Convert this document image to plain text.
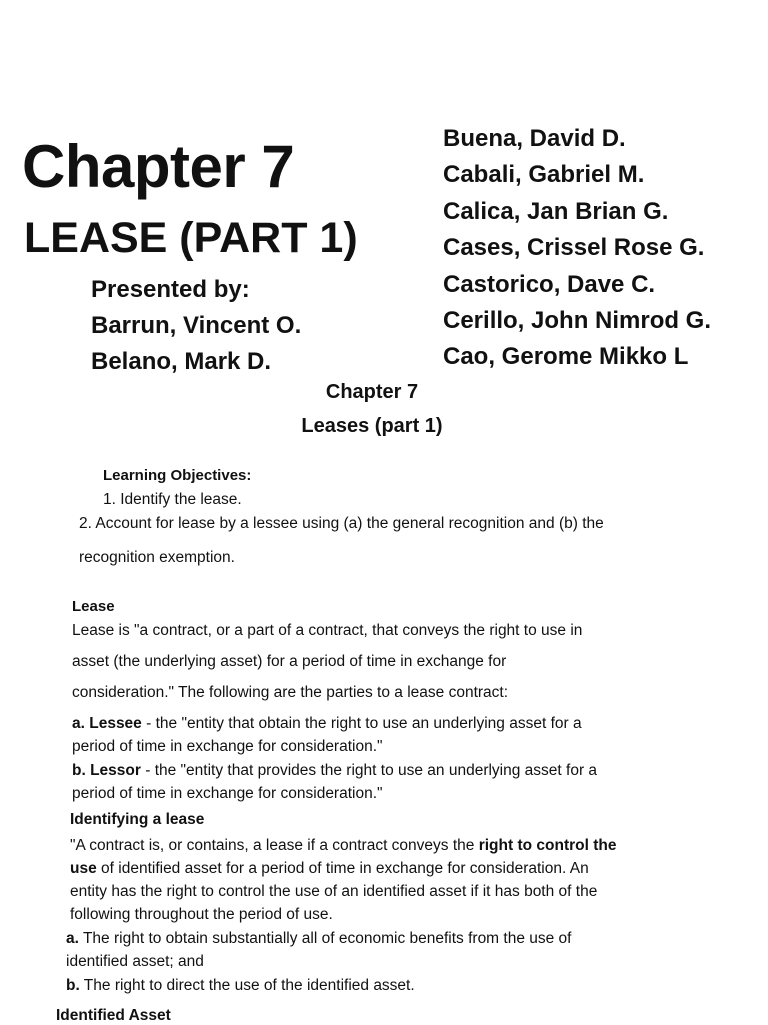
Chapter 7
LEASE (PART 1)
Presented by:
Barrun, Vincent O.
Belano, Mark D.
Buena, David D.
Cabali, Gabriel M.
Calica, Jan Brian G.
Cases, Crissel Rose G.
Castorico, Dave C.
Cerillo, John Nimrod G.
Cao, Gerome Mikko L
Chapter 7
Leases (part 1)
Learning Objectives:
1. Identify the lease.
2. Account for lease by a lessee using (a) the general recognition and (b) the
recognition exemption.
Lease
Lease is "a contract, or a part of a contract, that conveys the right to use in
asset (the underlying asset) for a period of time in exchange for
consideration." The following are the parties to a lease contract:
a. Lessee - the "entity that obtain the right to use an underlying asset for a
period of time in exchange for consideration."
b. Lessor - the "entity that provides the right to use an underlying asset for a
period of time in exchange for consideration."
Identifying a lease
"A contract is, or contains, a lease if a contract conveys the right to control the
use of identified asset for a period of time in exchange for consideration. An
entity has the right to control the use of an identified asset if it has both of the
following throughout the period of use.
a. The right to obtain substantially all of economic benefits from the use of
identified asset; and
b. The right to direct the use of the identified asset.
Identified Asset
